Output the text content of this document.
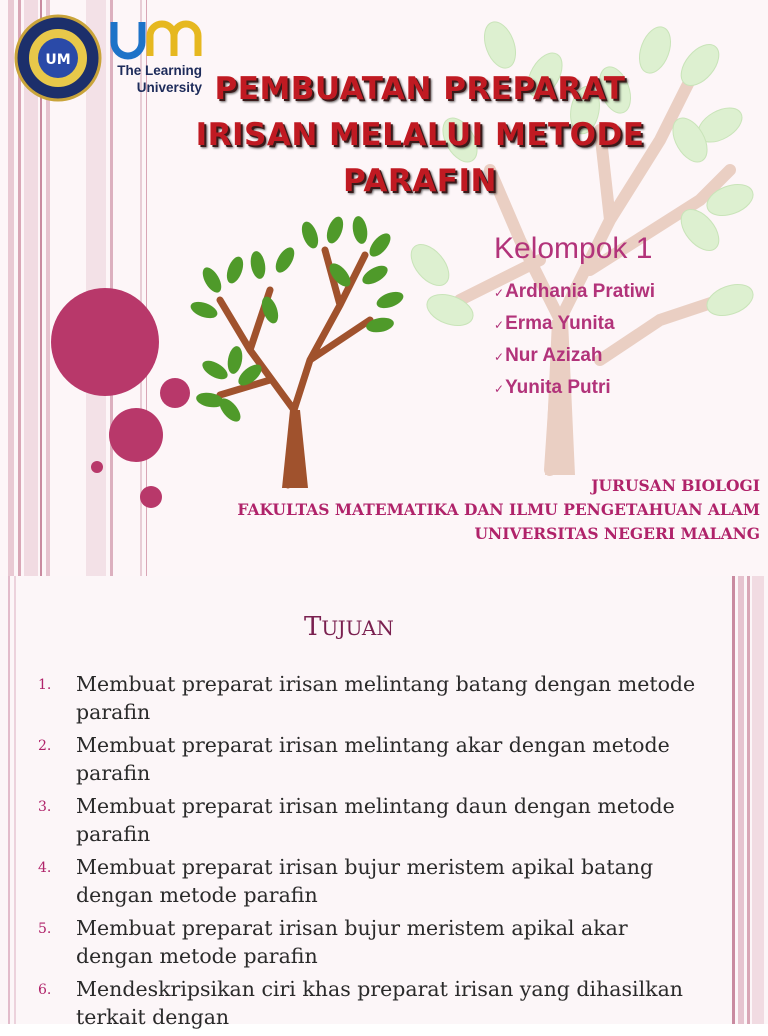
UM
The Learning
University PEMBUATAN PREPARAT
IRISAN MELALUI METODE
PARAFIN
Kelompok 1
✓Ardhania Pratiwi
✓Erma Yunita
✓Nur Azizah
✓Yunita Putri
JURUSAN BIOLOGI
FAKULTAS MATEMATIKA DAN ILMU PENGETAHUAN ALAM
UNIVERSITAS NEGERI MALANG
TUJUAN
1. Membuat preparat irisan melintang batang dengan metode
parafin
2. Membuat preparat irisan melintang akar dengan metode
parafin
3. Membuat preparat irisan melintang daun dengan metode
parafin
4. Membuat preparat irisan bujur meristem apikal batang
dengan metode parafin
5. Membuat preparat irisan bujur meristem apikal akar
dengan metode parafin
6. Mendeskripsikan ciri khas preparat irisan yang dihasilkan
terkait dengan
